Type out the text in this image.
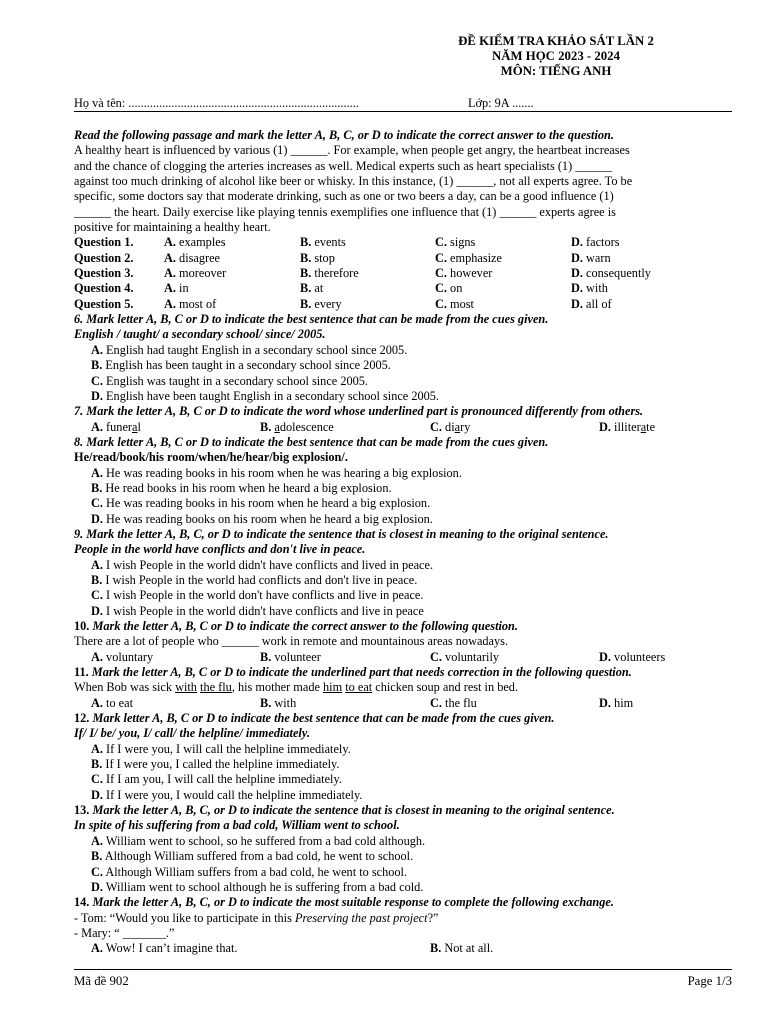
ĐỀ KIỂM TRA KHẢO SÁT LẦN 2
NĂM HỌC 2023 - 2024
MÔN: TIẾNG ANH
Họ và tên: ...........................................................................	Lớp: 9A .......
Read the following passage and mark the letter A, B, C, or D to indicate the correct answer to the question.
A healthy heart is influenced by various (1) ______. For example, when people get angry, the heartbeat increases
and the chance of clogging the arteries increases as well. Medical experts such as heart specialists (1) ______
against too much drinking of alcohol like beer or whisky. In this instance, (1) ______, not all experts agree. To be
specific, some doctors say that moderate drinking, such as one or two beers a day, can be a good influence (1)
______ the heart. Daily exercise like playing tennis exemplifies one influence that (1) ______ experts agree is
positive for maintaining a healthy heart.
Question 1. A. examples	B. events	C. signs	D. factors
Question 2. A. disagree	B. stop	C. emphasize	D. warn
Question 3. A. moreover	B. therefore	C. however	D. consequently
Question 4. A. in	B. at	C. on	D. with
Question 5. A. most of	B. every	C. most	D. all of
6. Mark letter A, B, C or D to indicate the best sentence that can be made from the cues given.
English / taught/ a secondary school/ since/ 2005.
A. English had taught English in a secondary school since 2005.
B. English has been taught in a secondary school since 2005.
C. English was taught in a secondary school since 2005.
D. English have been taught English in a secondary school since 2005.
7. Mark the letter A, B, C or D to indicate the word whose underlined part is pronounced differently from others.
A. funeral	B. adolescence	C. diary	D. illiterate
8. Mark letter A, B, C or D to indicate the best sentence that can be made from the cues given.
He/read/book/his room/when/he/hear/big explosion/.
A. He was reading books in his room when he was hearing a big explosion.
B. He read books in his room when he heard a big explosion.
C. He was reading books in his room when he heard a big explosion.
D. He was reading books on his room when he heard a big explosion.
9. Mark the letter A, B, C, or D to indicate the sentence that is closest in meaning to the original sentence.
People in the world have conflicts and don't live in peace.
A. I wish People in the world didn't have conflicts and lived in peace.
B. I wish People in the world had conflicts and don't live in peace.
C. I wish People in the world don't have conflicts and live in peace.
D. I wish People in the world didn't have conflicts and live in peace
10. Mark the letter A, B, C or D to indicate the correct answer to the following question.
There are a lot of people who ______ work in remote and mountainous areas nowadays.
A. voluntary	B. volunteer	C. voluntarily	D. volunteers
11. Mark the letter A, B, C or D to indicate the underlined part that needs correction in the following question.
When Bob was sick with the flu, his mother made him to eat chicken soup and rest in bed.
A. to eat	B. with	C. the flu	D. him
12. Mark letter A, B, C or D to indicate the best sentence that can be made from the cues given.
If/ I/ be/ you, I/ call/ the helpline/ immediately.
A. If I were you, I will call the helpline immediately.
B. If I were you, I called the helpline immediately.
C. If I am you, I will call the helpline immediately.
D. If I were you, I would call the helpline immediately.
13. Mark the letter A, B, C, or D to indicate the sentence that is closest in meaning to the original sentence.
In spite of his suffering from a bad cold, William went to school.
A. William went to school, so he suffered from a bad cold although.
B. Although William suffered from a bad cold, he went to school.
C. Although William suffers from a bad cold, he went to school.
D. William went to school although he is suffering from a bad cold.
14. Mark the letter A, B, C, or D to indicate the most suitable response to complete the following exchange.
- Tom: “Would you like to participate in this Preserving the past project?”
- Mary: “ _______.”
A. Wow! I can’t imagine that.	B. Not at all.
Mã đề 902	Page 1/3
